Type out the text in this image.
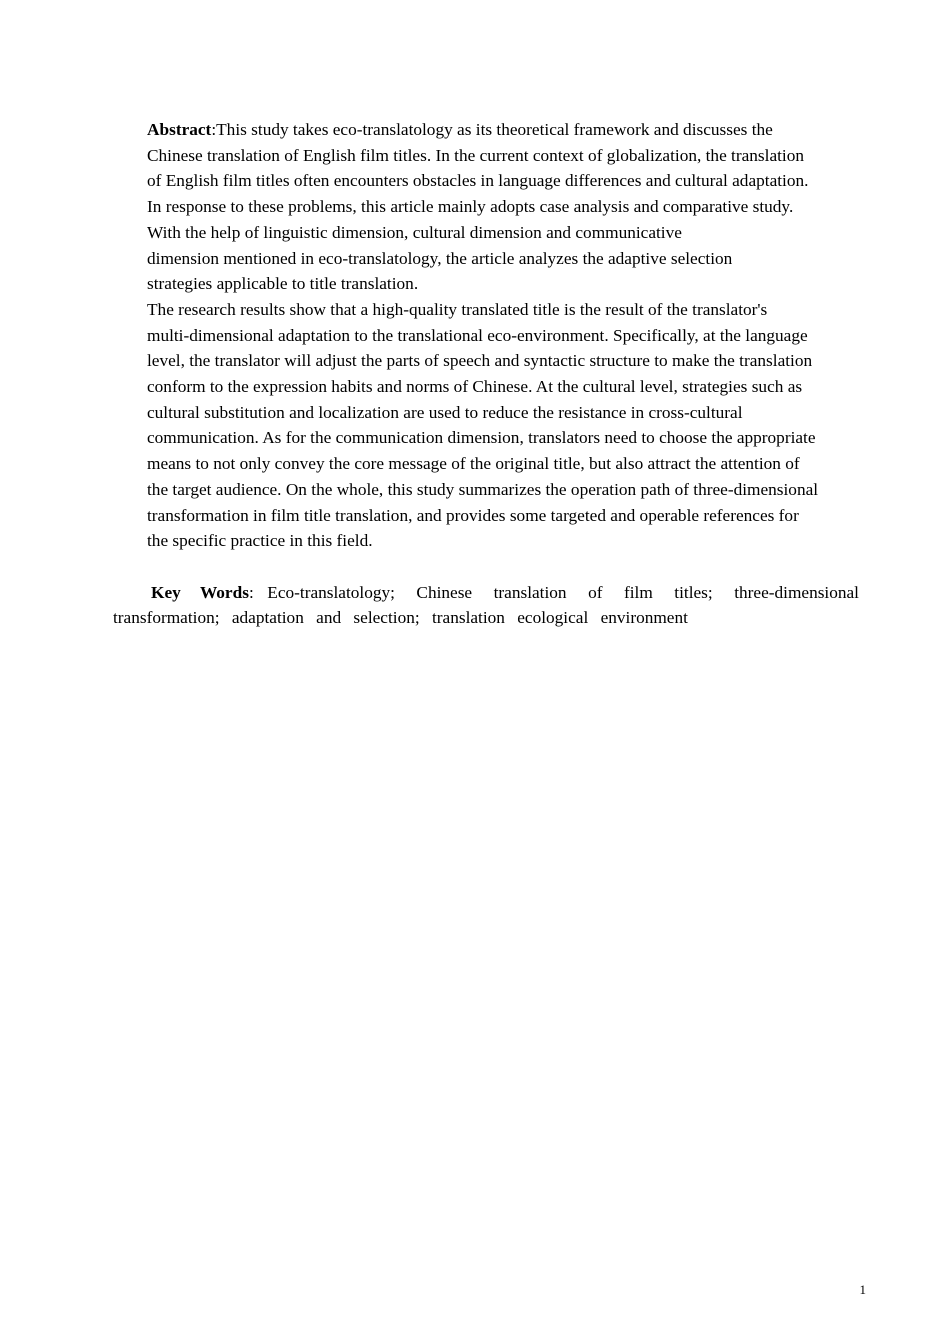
Abstract:This study takes eco-translatology as its theoretical framework and discusses the
Chinese translation of English film titles. In the current context of globalization, the translation
of English film titles often encounters obstacles in language differences and cultural adaptation.
In response to these problems, this article mainly adopts case analysis and comparative study.
With the help of linguistic dimension, cultural dimension and communicative
dimension mentioned in eco-translatology, the article analyzes the adaptive selection
strategies applicable to title translation.

The research results show that a high-quality translated title is the result of the translator's
multi-dimensional adaptation to the translational eco-environment. Specifically, at the language
level, the translator will adjust the parts of speech and syntactic structure to make the translation
conform to the expression habits and norms of Chinese. At the cultural level, strategies such as
cultural substitution and localization are used to reduce the resistance in cross-cultural
communication. As for the communication dimension, translators need to choose the appropriate
means to not only convey the core message of the original title, but also attract the attention of
the target audience. On the whole, this study summarizes the operation path of three-dimensional
transformation in film title translation, and provides some targeted and operable references for
the specific practice in this field.

Key Words: Eco-translatology; Chinese translation of film titles; three-dimensional transformation; adaptation and selection; translation ecological environment

1
